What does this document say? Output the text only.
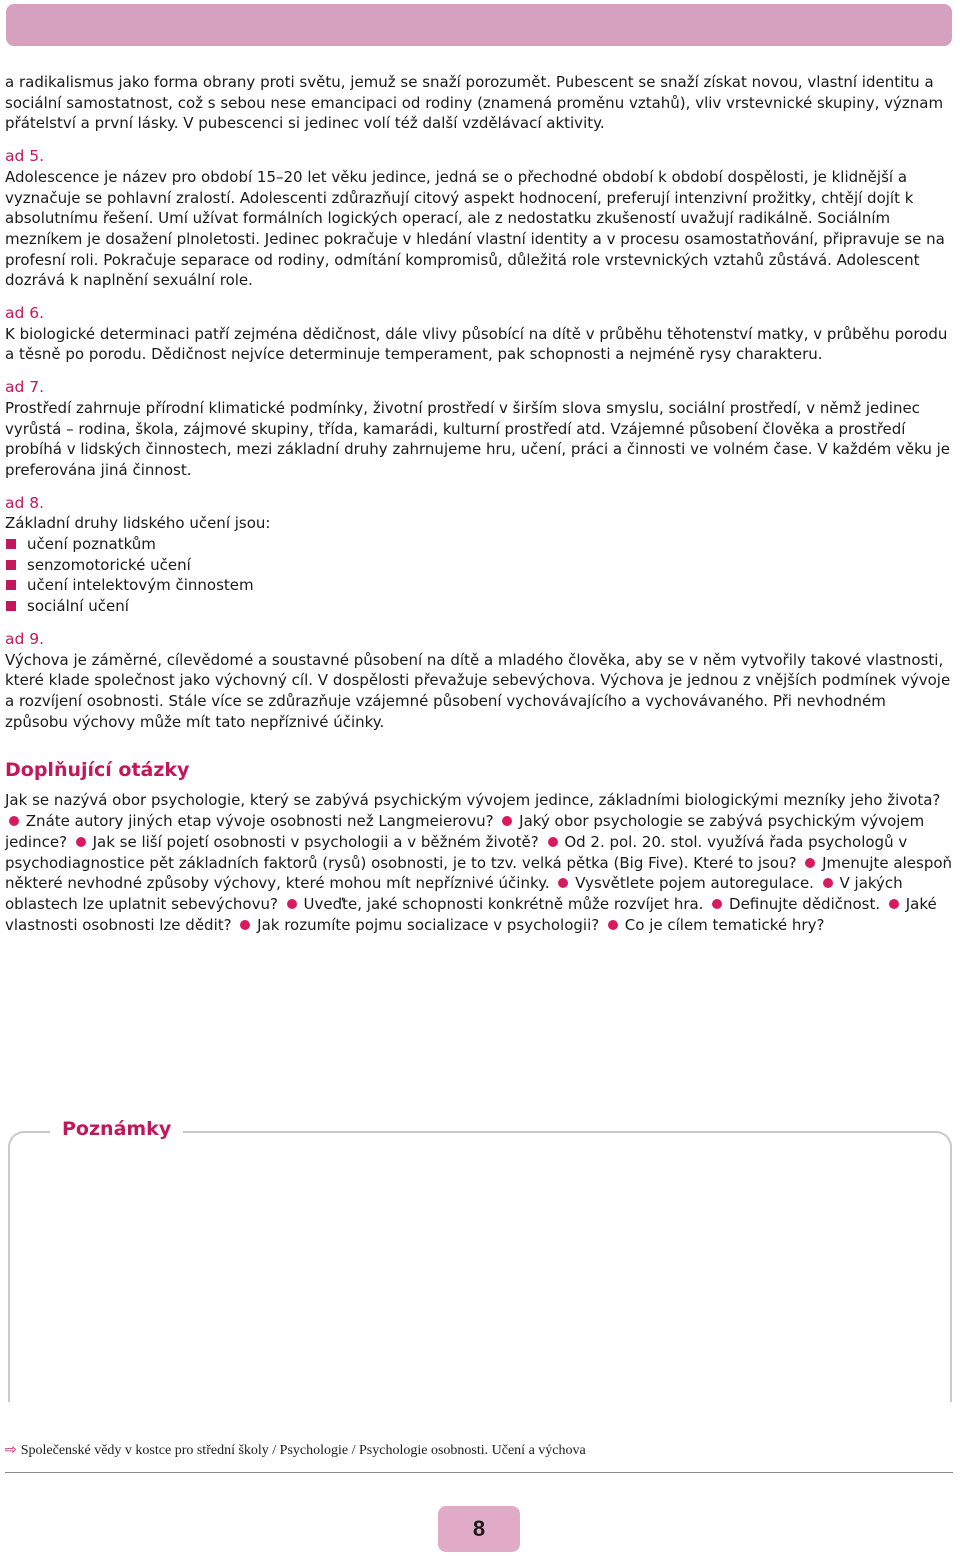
a radikalismus jako forma obrany proti světu, jemuž se snaží porozumět. Pubescent se snaží získat novou, vlastní identitu a sociální samostatnost, což s sebou nese emancipaci od rodiny (znamená proměnu vztahů), vliv vrstevnické skupiny, význam přátelství a první lásky. V pubescenci si jedinec volí též další vzdělávací aktivity.

ad 5.

Adolescence je název pro období 15–20 let věku jedince, jedná se o přechodné období k období dospělosti, je klidnější a vyznačuje se pohlavní zralostí. Adolescenti zdůrazňují citový aspekt hodnocení, preferují intenzivní prožitky, chtějí dojít k absolutnímu řešení. Umí užívat formálních logických operací, ale z nedostatku zkušeností uvažují radikálně. Sociálním mezníkem je dosažení plnoletosti. Jedinec pokračuje v hledání vlastní identity a v procesu osamostatňování, připravuje se na profesní roli. Pokračuje separace od rodiny, odmítání kompromisů, důležitá role vrstevnických vztahů zůstává. Adolescent dozrává k naplnění sexuální role.

ad 6.

K biologické determinaci patří zejména dědičnost, dále vlivy působící na dítě v průběhu těhotenství matky, v průběhu porodu a těsně po porodu. Dědičnost nejvíce determinuje temperament, pak schopnosti a nejméně rysy charakteru.

ad 7.

Prostředí zahrnuje přírodní klimatické podmínky, životní prostředí v širším slova smyslu, sociální prostředí, v němž jedinec vyrůstá – rodina, škola, zájmové skupiny, třída, kamarádi, kulturní prostředí atd. Vzájemné působení člověka a prostředí probíhá v lidských činnostech, mezi základní druhy zahrnujeme hru, učení, práci a činnosti ve volném čase. V každém věku je preferována jiná činnost.

ad 8.

Základní druhy lidského učení jsou:

učení poznatkům
senzomotorické učení
učení intelektovým činnostem
sociální učení

ad 9.

Výchova je záměrné, cílevědomé a soustavné působení na dítě a mladého člověka, aby se v něm vytvořily takové vlastnosti, které klade společnost jako výchovný cíl. V dospělosti převažuje sebevýchova. Výchova je jednou z vnějších podmínek vývoje a rozvíjení osobnosti. Stále více se zdůrazňuje vzájemné působení vychovávajícího a vychovávaného. Při nevhodném způsobu výchovy může mít tato nepříznivé účinky.

Doplňující otázky

Jak se nazývá obor psychologie, který se zabývá psychickým vývojem jedince, základními biologickými mezníky jeho života?  Znáte autory jiných etap vývoje osobnosti než Langmeierovu? Jaký obor psychologie se zabývá psychickým vývojem jedince? Jak se liší pojetí osobnosti v psychologii a v běžném životě? Od 2. pol. 20. stol. využívá řada psychologů v psychodiagnostice pět základních faktorů (rysů) osobnosti, je to tzv. velká pětka (Big Five). Které to jsou? Jmenujte alespoň některé nevhodné způsoby výchovy, které mohou mít nepříznivé účinky. Vysvětlete pojem autoregulace. V jakých oblastech lze uplatnit sebevýchovu? Uveďte, jaké schopnosti konkrétně může rozvíjet hra. Definujte dědičnost. Jaké vlastnosti osobnosti lze dědit? Jak rozumíte pojmu socializace v psychologii? Co je cílem tematické hry?

Poznámky
⇨ Společenské vědy v kostce pro střední školy / Psychologie / Psychologie osobnosti. Učení a výchova
8
